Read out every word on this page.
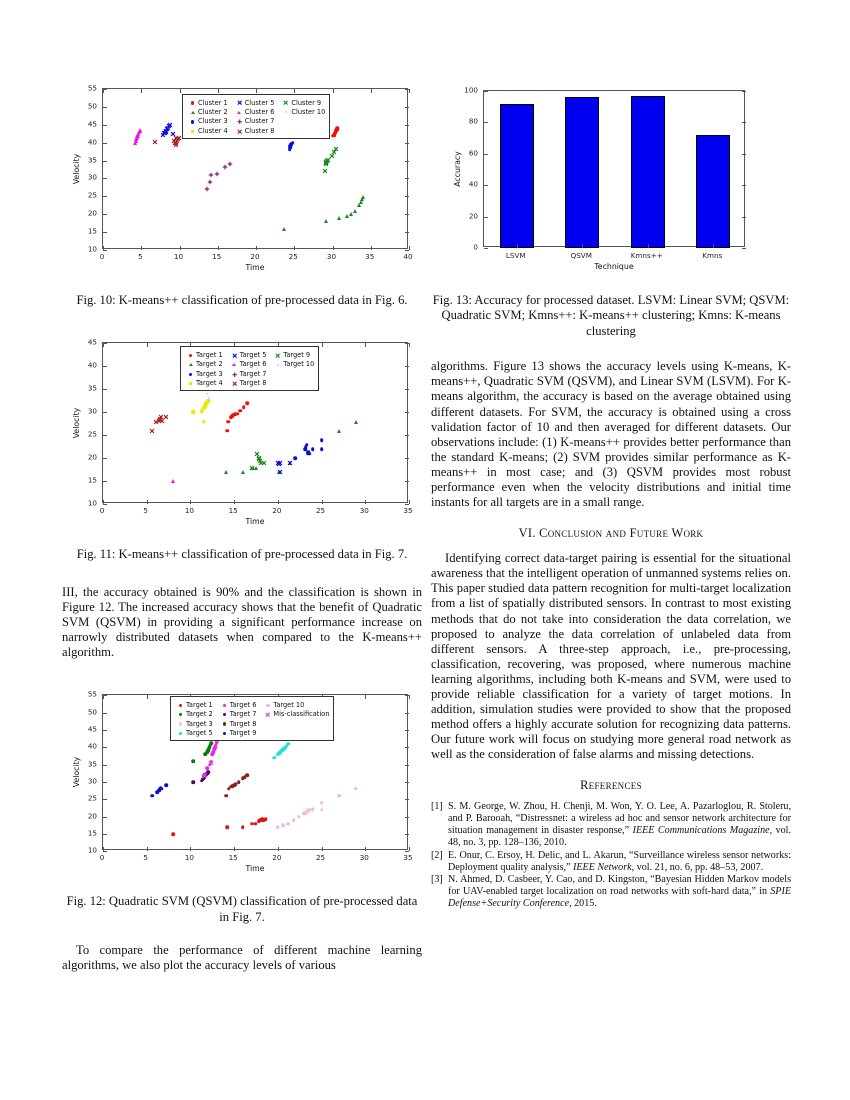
0	5	10	15	20	25	30	35	40
10
15
20
25
30
35
40
45
50
55
Time
Velocity
Cluster 1
Cluster 2
Cluster 3
Cluster 4
Cluster 5
Cluster 6
Cluster 7
Cluster 8
Cluster 9
Cluster 10

Fig. 10: K-means++ classification of pre-processed data in Fig. 6.

0	5	10	15	20	25	30	35
10
15
20
25
30
35
40
45
Time
Velocity
Target 1
Target 2
Target 3
Target 4
Target 5
Target 6
Target 7
Target 8
Target 9
Target 10

Fig. 11: K-means++ classification of pre-processed data in Fig. 7.

III, the accuracy obtained is 90% and the classification is shown in Figure 12. The increased accuracy shows that the benefit of Quadratic SVM (QSVM) in providing a significant performance increase on narrowly distributed datasets when compared to the K-means++ algorithm.

0	5	10	15	20	25	30	35
10
15
20
25
30
35
40
45
50
55
Time
Velocity
Target 1
Target 2
Target 3
Target 5
Target 6
Target 7
Target 8
Target 9
Target 10
Mis-classification

Fig. 12: Quadratic SVM (QSVM) classification of pre-processed data in Fig. 7.

To compare the performance of different machine learning algorithms, we also plot the accuracy levels of various

0
20
40
60
80
100
LSVM	QSVM	Kmns++	Kmns
Technique
Accuracy

Fig. 13: Accuracy for processed dataset. LSVM: Linear SVM; QSVM: Quadratic SVM; Kmns++: K-means++ clustering; Kmns: K-means clustering

algorithms. Figure 13 shows the accuracy levels using K-means, K-means++, Quadratic SVM (QSVM), and Linear SVM (LSVM). For K-means algorithm, the accuracy is based on the average obtained using different datasets. For SVM, the accuracy is obtained using a cross validation factor of 10 and then averaged for different datasets. Our observations include: (1) K-means++ provides better performance than the standard K-means; (2) SVM provides similar performance as K-means++ in most case; and (3) QSVM provides most robust performance even when the velocity distributions and initial time instants for all targets are in a small range.

VI. Conclusion and Future Work

Identifying correct data-target pairing is essential for the situational awareness that the intelligent operation of unmanned systems relies on. This paper studied data pattern recognition for multi-target localization from a list of spatially distributed sensors. In contrast to most existing methods that do not take into consideration the data correlation, we proposed to analyze the data correlation of unlabeled data from different sensors. A three-step approach, i.e., pre-processing, classification, recovering, was proposed, where numerous machine learning algorithms, including both K-means and SVM, were used to provide reliable classification for a variety of target motions. In addition, simulation studies were provided to show that the proposed method offers a highly accurate solution for recognizing data patterns. Our future work will focus on studying more general road network as well as the consideration of false alarms and missing detections.

References

[1] S. M. George, W. Zhou, H. Chenji, M. Won, Y. O. Lee, A. Pazarloglou, R. Stoleru, and P. Barooah, “Distressnet: a wireless ad hoc and sensor network architecture for situation management in disaster response,” IEEE Communications Magazine, vol. 48, no. 3, pp. 128–136, 2010.
[2] E. Onur, C. Ersoy, H. Delic, and L. Akarun, “Surveillance wireless sensor networks: Deployment quality analysis,” IEEE Network, vol. 21, no. 6, pp. 48–53, 2007.
[3] N. Ahmed, D. Casbeer, Y. Cao, and D. Kingston, “Bayesian Hidden Markov models for UAV-enabled target localization on road networks with soft-hard data,” in SPIE Defense+Security Conference, 2015.
